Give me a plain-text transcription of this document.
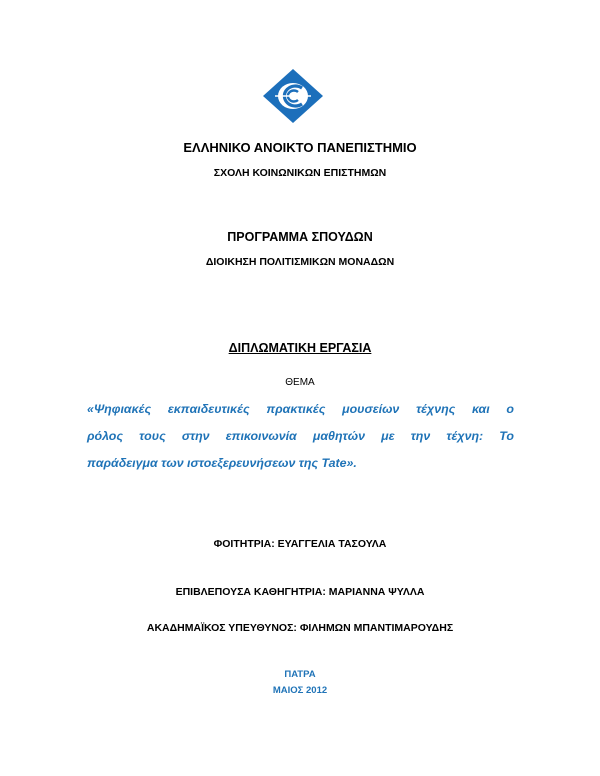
ΕΛΛΗΝΙΚΟ ΑΝΟΙΚΤΟ ΠΑΝΕΠΙΣΤΗΜΙΟ
ΣΧΟΛΗ ΚΟΙΝΩΝΙΚΩΝ ΕΠΙΣΤΗΜΩΝ
ΠΡΟΓΡΑΜΜΑ ΣΠΟΥΔΩΝ
ΔΙΟΙΚΗΣΗ ΠΟΛΙΤΙΣΜΙΚΩΝ ΜΟΝΑΔΩΝ
ΔΙΠΛΩΜΑΤΙΚΗ ΕΡΓΑΣΙΑ
ΘΕΜΑ
«Ψηφιακές εκπαιδευτικές πρακτικές μουσείων τέχνης και ο
ρόλος τους στην επικοινωνία μαθητών με την τέχνη: Το
παράδειγμα των ιστοεξερευνήσεων της Tate».
ΦΟΙΤΗΤΡΙΑ: ΕΥΑΓΓΕΛΙΑ ΤΑΣΟΥΛΑ
ΕΠΙΒΛΕΠΟΥΣΑ ΚΑΘΗΓΗΤΡΙΑ: ΜΑΡΙΑΝΝΑ ΨΥΛΛΑ
ΑΚΑΔΗΜΑΪΚΟΣ ΥΠΕΥΘΥΝΟΣ: ΦΙΛΗΜΩΝ ΜΠΑΝΤΙΜΑΡΟΥΔΗΣ
ΠΑΤΡΑ
ΜΑΙΟΣ 2012
